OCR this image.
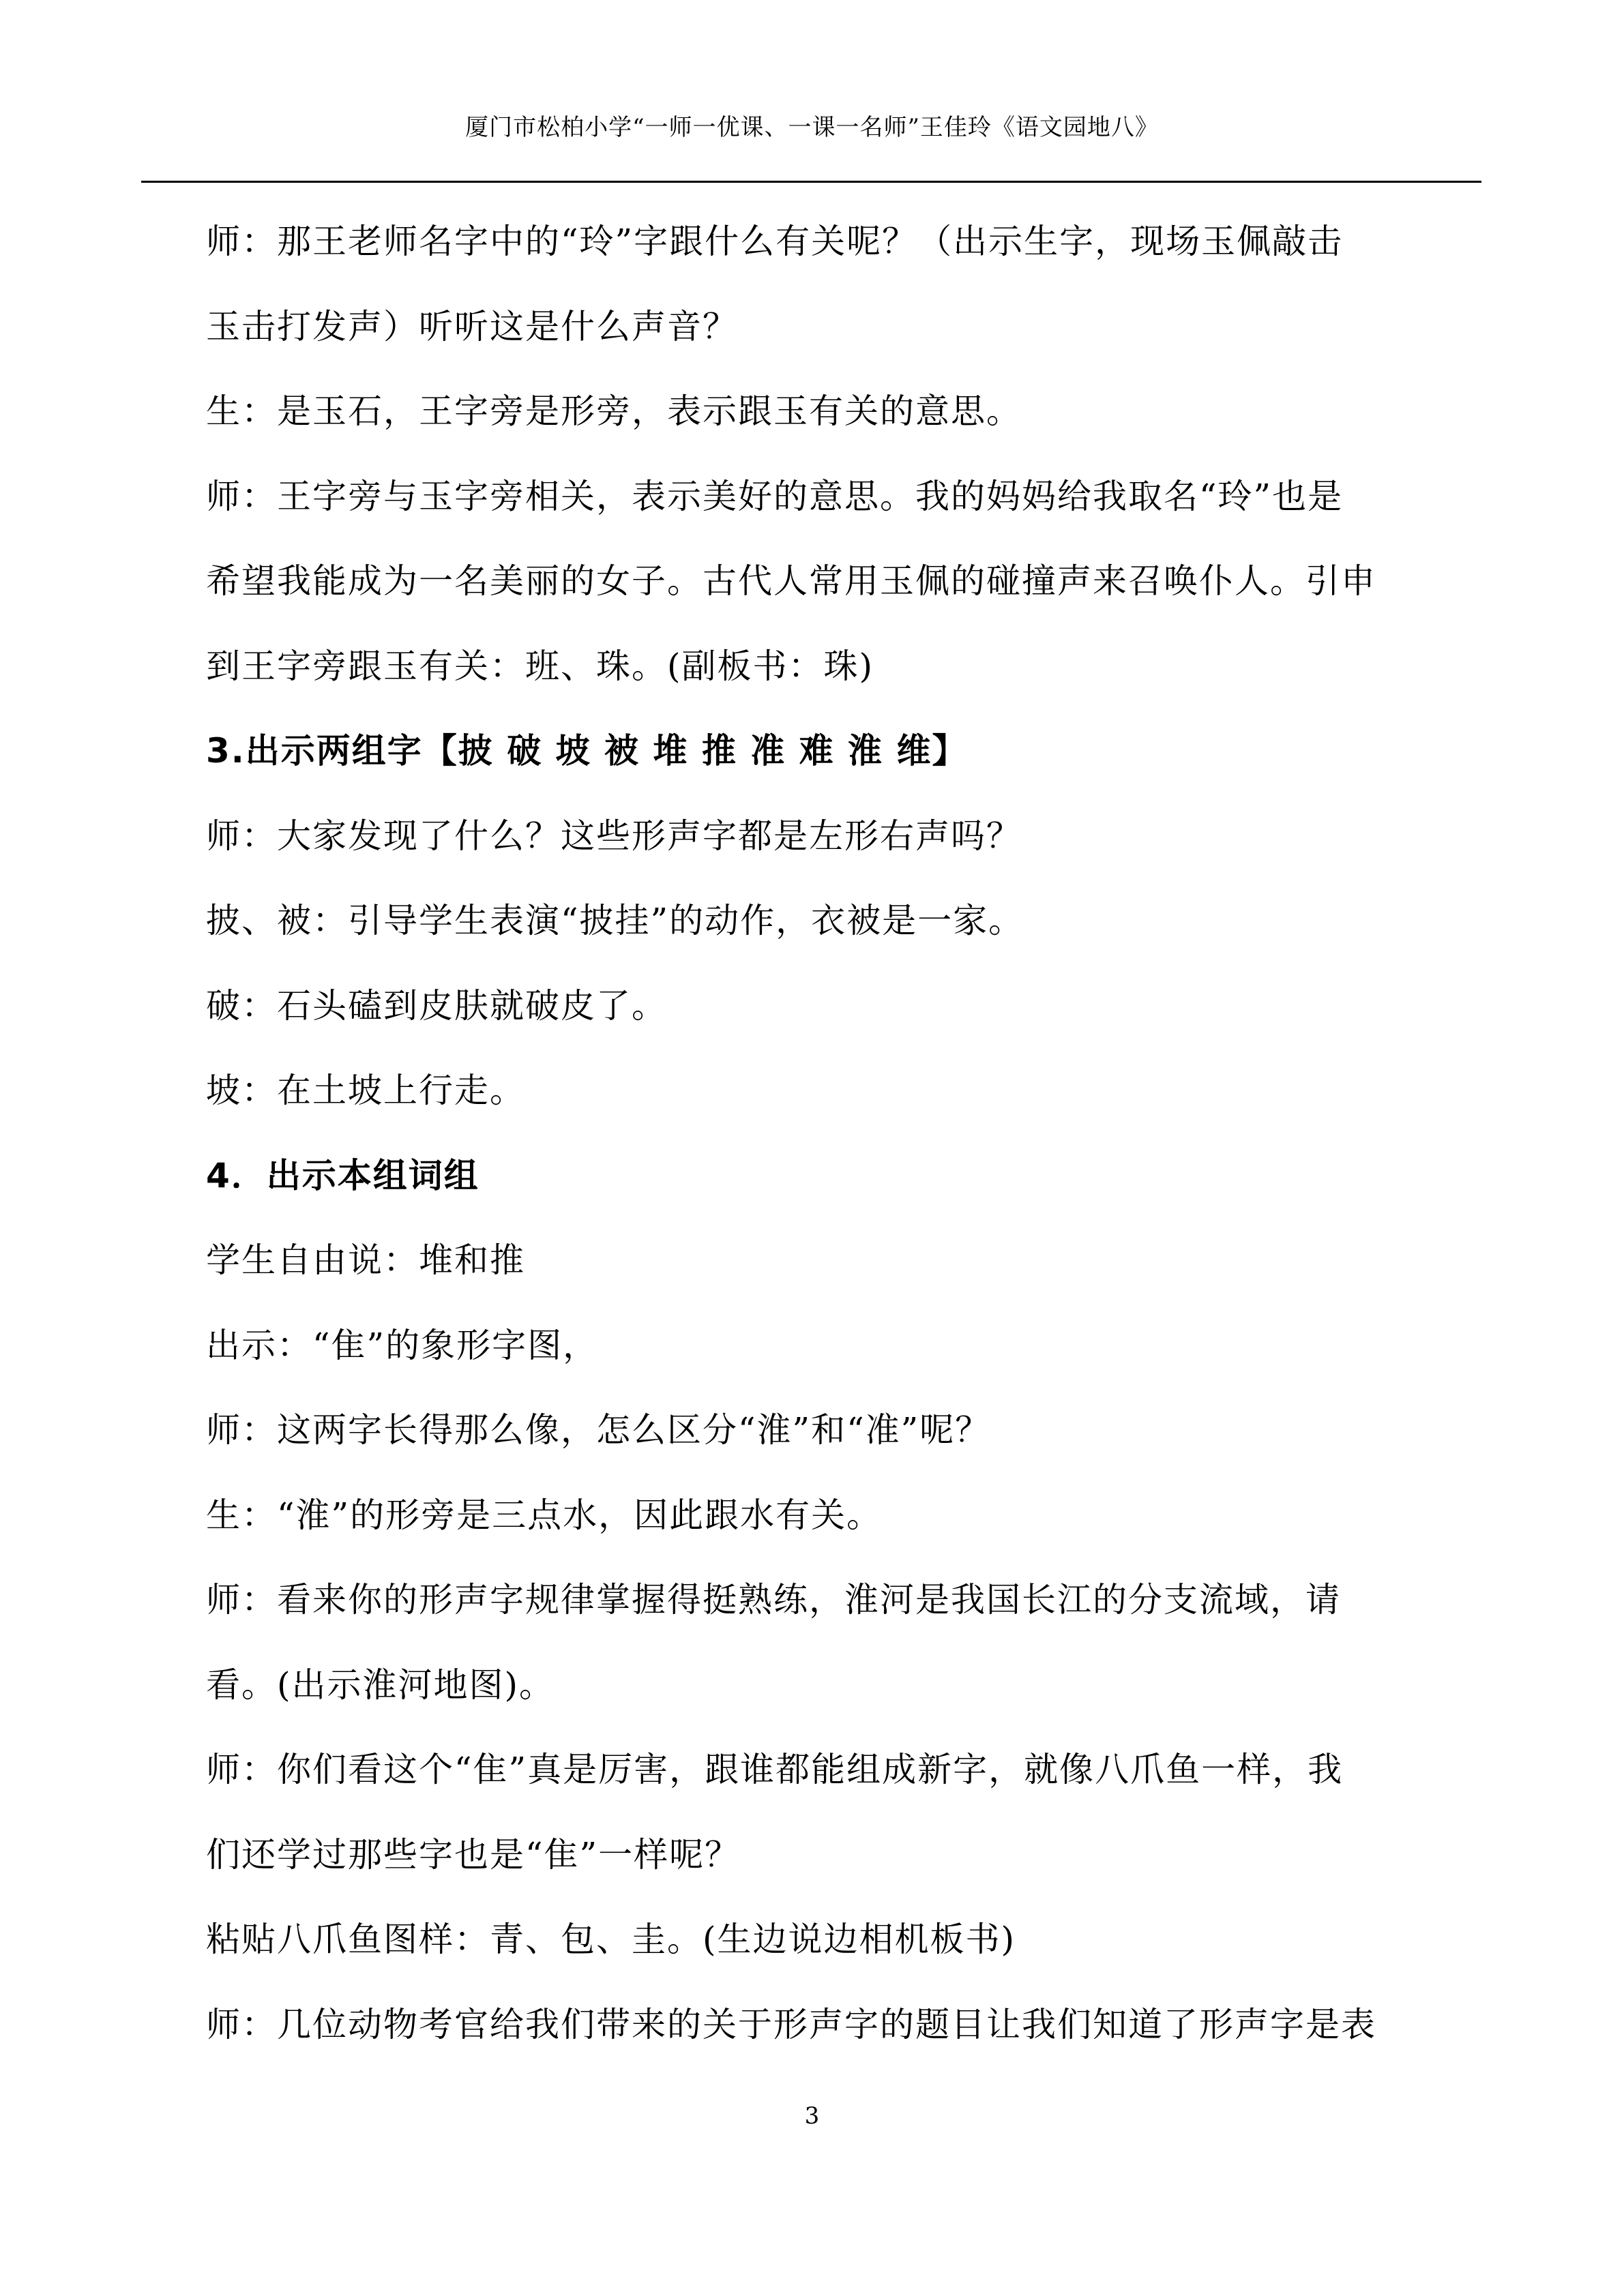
厦门市松柏小学“一师一优课、一课一名师”王佳玲《语文园地八》
师：那王老师名字中的“玲”字跟什么有关呢？（出示生字，现场玉佩敲击
玉击打发声）听听这是什么声音？
生：是玉石，王字旁是形旁，表示跟玉有关的意思。
师：王字旁与玉字旁相关，表示美好的意思。我的妈妈给我取名“玲”也是
希望我能成为一名美丽的女子。古代人常用玉佩的碰撞声来召唤仆人。引申
到王字旁跟玉有关：班、珠。(副板书：珠)
3.出示两组字【披 破 坡 被 堆 推 准 难 淮 维】
师：大家发现了什么？这些形声字都是左形右声吗？
披、被：引导学生表演“披挂”的动作，衣被是一家。
破：石头磕到皮肤就破皮了。
坡：在土坡上行走。
4．出示本组词组
学生自由说：堆和推
出示：“隹”的象形字图，
师：这两字长得那么像，怎么区分“淮”和“准”呢？
生：“淮”的形旁是三点水，因此跟水有关。
师：看来你的形声字规律掌握得挺熟练，淮河是我国长江的分支流域，请
看。(出示淮河地图)。
师：你们看这个“隹”真是厉害，跟谁都能组成新字，就像八爪鱼一样，我
们还学过那些字也是“隹”一样呢？
粘贴八爪鱼图样：青、包、圭。(生边说边相机板书)
师：几位动物考官给我们带来的关于形声字的题目让我们知道了形声字是表
3
